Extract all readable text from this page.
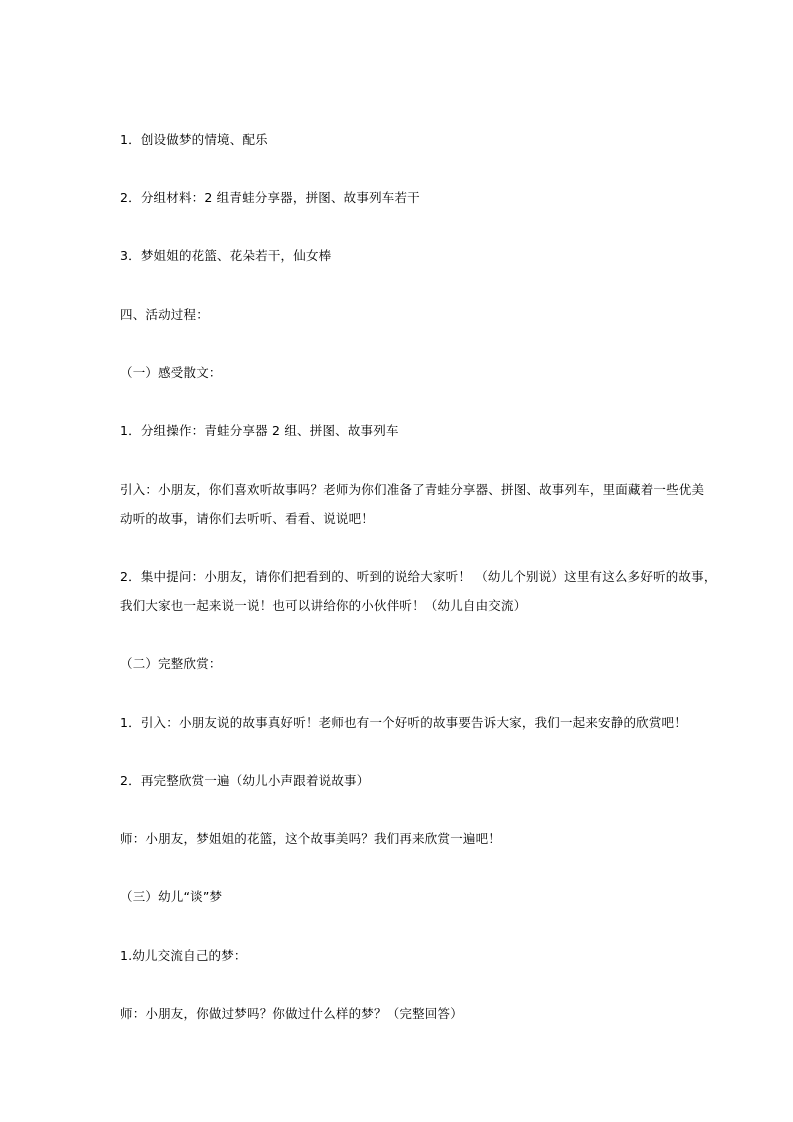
1．创设做梦的情境、配乐
2．分组材料：2 组青蛙分享器，拼图、故事列车若干
3．梦姐姐的花篮、花朵若干，仙女棒
四、活动过程：
（一）感受散文：
1．分组操作：青蛙分享器 2 组、拼图、故事列车
引入：小朋友，你们喜欢听故事吗？老师为你们准备了青蛙分享器、拼图、故事列车，里面藏着一些优美
动听的故事，请你们去听听、看看、说说吧！
2．集中提问：小朋友，请你们把看到的、听到的说给大家听！ （幼儿个别说）这里有这么多好听的故事，
我们大家也一起来说一说！也可以讲给你的小伙伴听！（幼儿自由交流）
（二）完整欣赏：
1．引入：小朋友说的故事真好听！老师也有一个好听的故事要告诉大家，我们一起来安静的欣赏吧！
2．再完整欣赏一遍（幼儿小声跟着说故事）
师：小朋友，梦姐姐的花篮，这个故事美吗？我们再来欣赏一遍吧！
（三）幼儿“谈”梦
1.幼儿交流自己的梦：
师：小朋友，你做过梦吗？你做过什么样的梦？（完整回答）
